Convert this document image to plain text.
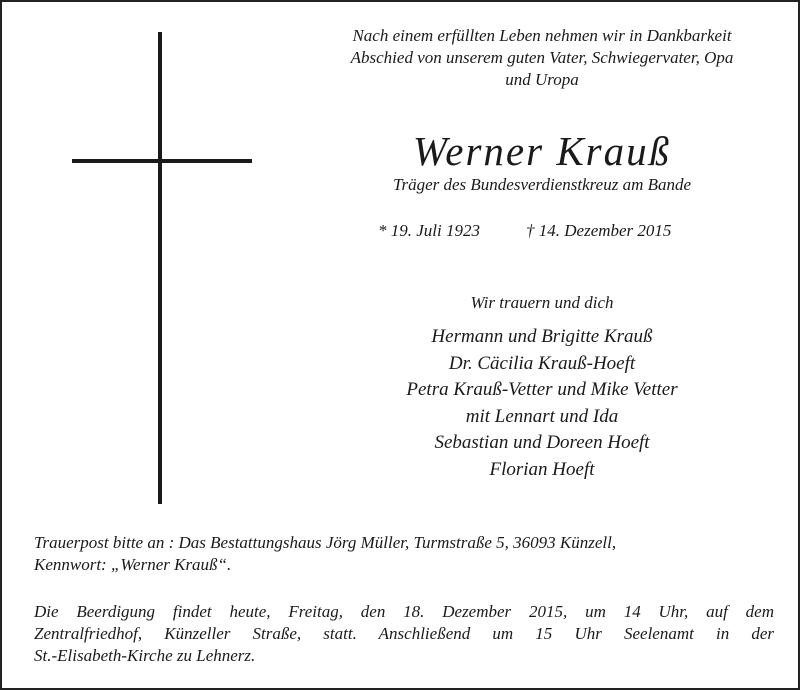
Nach einem erfüllten Leben nehmen wir in Dankbarkeit
Abschied von unserem guten Vater, Schwiegervater, Opa
und Uropa
Werner Krauß
Träger des Bundesverdienstkreuz am Bande
* 19. Juli 1923	† 14. Dezember 2015
Wir trauern und dich
Hermann und Brigitte Krauß
Dr. Cäcilia Krauß-Hoeft
Petra Krauß-Vetter und Mike Vetter
mit Lennart und Ida
Sebastian und Doreen Hoeft
Florian Hoeft
Trauerpost bitte an : Das Bestattungshaus Jörg Müller, Turmstraße 5, 36093 Künzell,
Kennwort: „Werner Krauß“.
Die Beerdigung findet heute, Freitag, den 18. Dezember 2015, um 14 Uhr, auf dem
Zentralfriedhof, Künzeller Straße, statt. Anschließend um 15 Uhr Seelenamt in der
St.-Elisabeth-Kirche zu Lehnerz.
